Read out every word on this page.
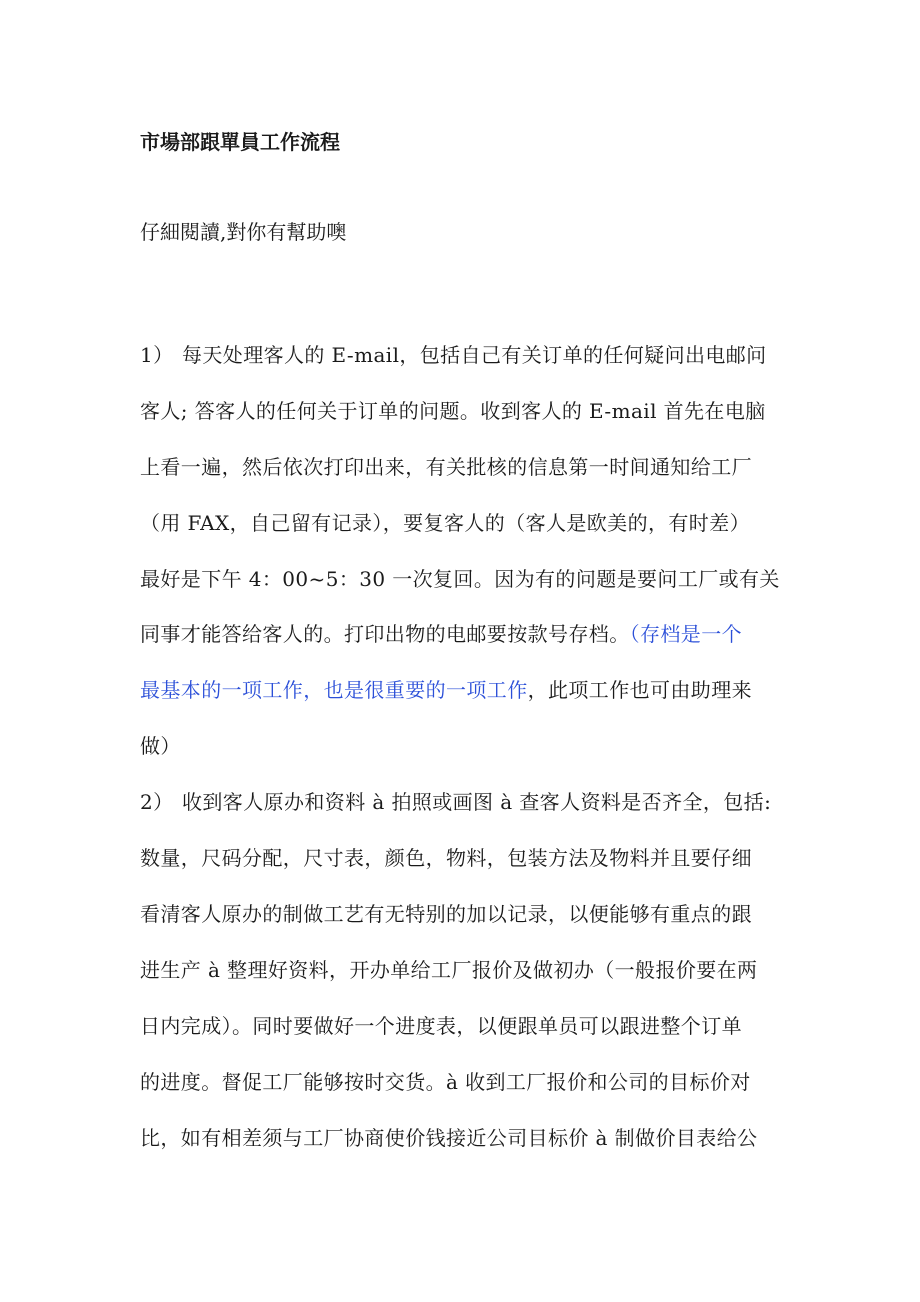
市場部跟單員工作流程
仔細閱讀,對你有幫助噢
1） 每天处理客人的 E-mail，包括自己有关订单的任何疑问出电邮问
客人; 答客人的任何关于订单的问题。收到客人的 E-mail 首先在电脑
上看一遍，然后依次打印出来，有关批核的信息第一时间通知给工厂
（用 FAX，自己留有记录），要复客人的（客人是欧美的，有时差）
最好是下午 4：00~5：30 一次复回。因为有的问题是要问工厂或有关
同事才能答给客人的。打印出物的电邮要按款号存档。（存档是一个
最基本的一项工作，也是很重要的一项工作，此项工作也可由助理来
做）
2） 收到客人原办和资料 à 拍照或画图 à 查客人资料是否齐全，包括:
数量，尺码分配，尺寸表，颜色，物料，包装方法及物料并且要仔细
看清客人原办的制做工艺有无特别的加以记录，以便能够有重点的跟
进生产 à 整理好资料，开办单给工厂报价及做初办（一般报价要在两
日内完成）。同时要做好一个进度表，以便跟单员可以跟进整个订单
的进度。督促工厂能够按时交货。à 收到工厂报价和公司的目标价对
比，如有相差须与工厂协商使价钱接近公司目标价 à 制做价目表给公
